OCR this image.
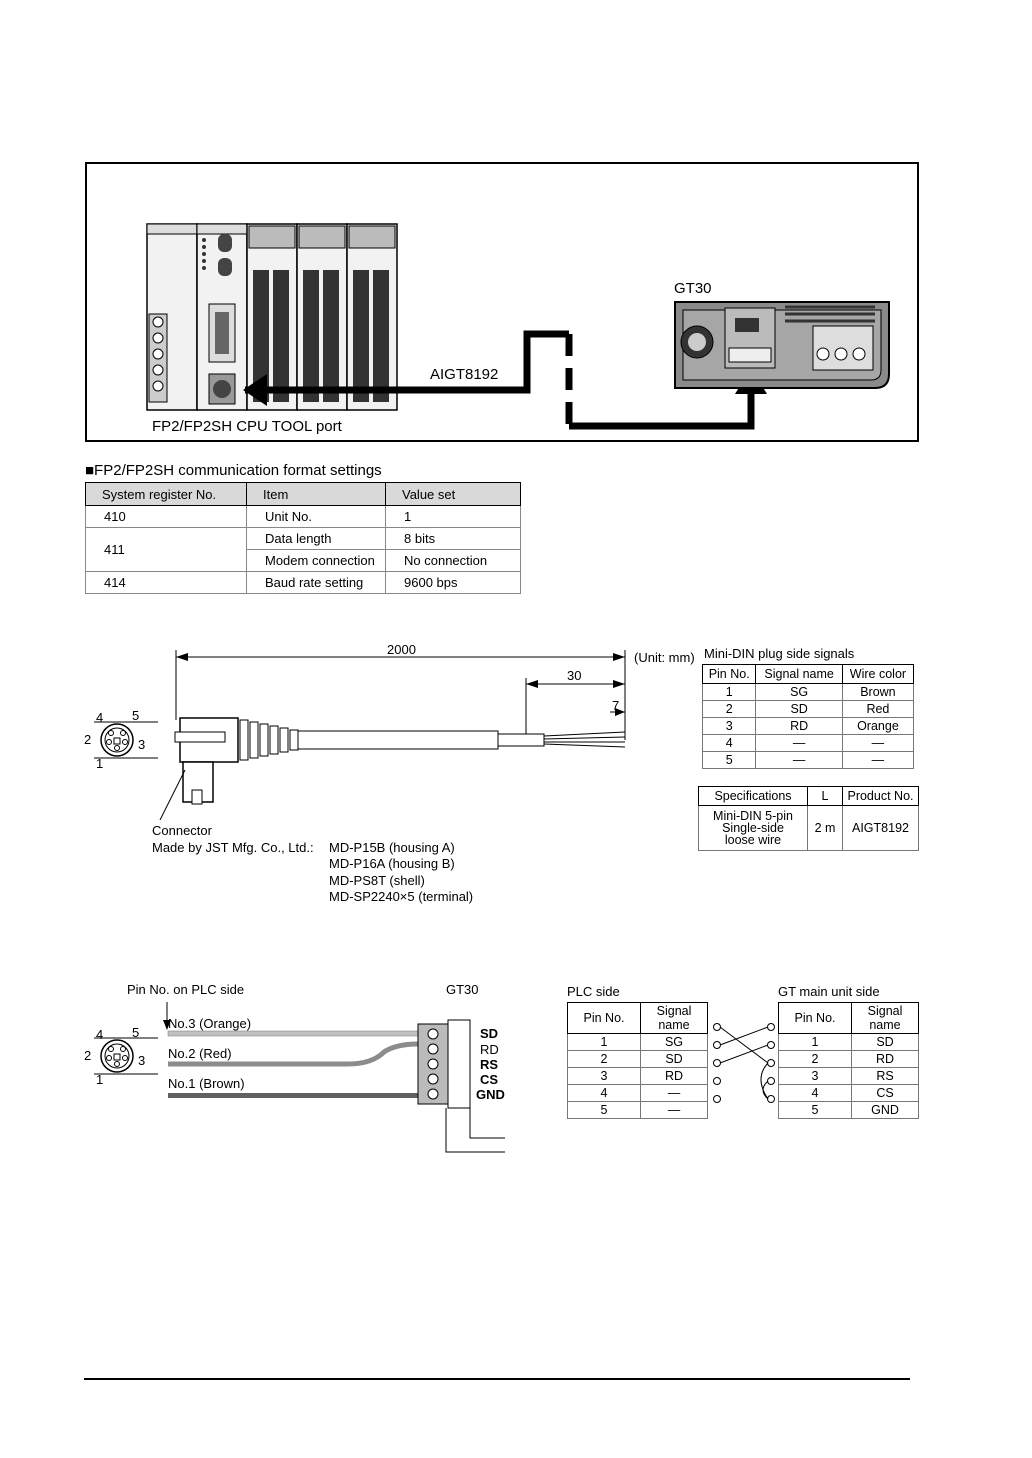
GT30
AIGT8192
FP2/FP2SH CPU TOOL port
■FP2/FP2SH communication format settings
System register No.	Item	Value set
410	Unit No.	1
411	Data length	8 bits
	Modem connection	No connection
414	Baud rate setting	9600 bps
2000
(Unit: mm)
30
7
4 5
2	3
1
Connector
Made by JST Mfg. Co., Ltd.: MD-P15B (housing A)
MD-P16A (housing B)
MD-PS8T (shell)
MD-SP2240×5 (terminal)
Mini-DIN plug side signals
Pin No.	Signal name	Wire color
1	SG	Brown
2	SD	Red
3	RD	Orange
4	—	—
5	—	—
Specifications	L	Product No.

Mini-DIN 5-pin
Single-side
loose wire	2 m	AIGT8192
Pin No. on PLC side	GT30
No.3 (Orange)
No.2 (Red)
No.1 (Brown)
4 5
2	3
1
SD
RD
RS
CS
GND
PLC side
Pin No.	Signal name
1	SG
2	SD
3	RD
4	—
5	—
GT main unit side
Pin No.	Signal name
1	SD
2	RD
3	RS
4	CS
5	GND
